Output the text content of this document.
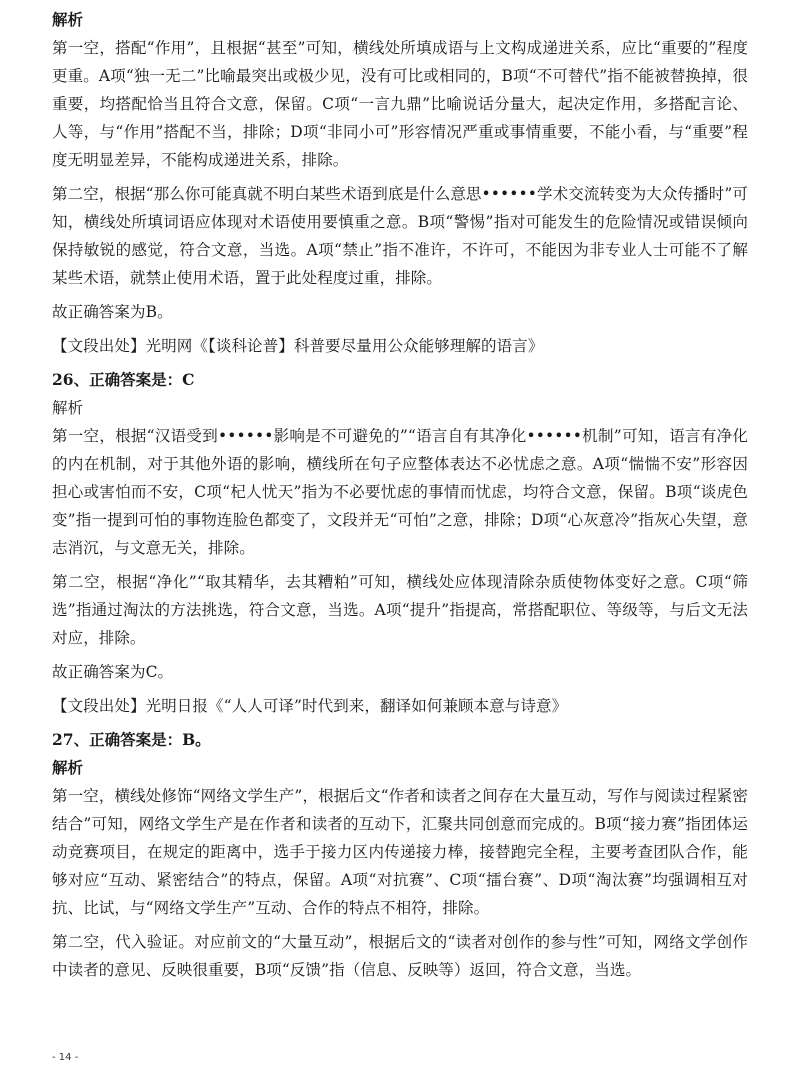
解析

第一空，搭配“作用”，且根据“甚至”可知，横线处所填成语与上文构成递进关系，应比“重要的”程度更重。A项“独一无二”比喻最突出或极少见，没有可比或相同的，B项“不可替代”指不能被替换掉，很重要，均搭配恰当且符合文意，保留。C项“一言九鼎”比喻说话分量大，起决定作用，多搭配言论、人等，与“作用”搭配不当，排除；D项“非同小可”形容情况严重或事情重要，不能小看，与“重要”程度无明显差异，不能构成递进关系，排除。

第二空，根据“那么你可能真就不明白某些术语到底是什么意思••••••学术交流转变为大众传播时”可知，横线处所填词语应体现对术语使用要慎重之意。B项“警惕”指对可能发生的危险情况或错误倾向保持敏锐的感觉，符合文意，当选。A项“禁止”指不准许，不许可，不能因为非专业人士可能不了解某些术语，就禁止使用术语，置于此处程度过重，排除。

故正确答案为B。

【文段出处】光明网《【谈科论普】科普要尽量用公众能够理解的语言》

26、正确答案是：C
解析

第一空，根据“汉语受到••••••影响是不可避免的”“语言自有其净化••••••机制”可知，语言有净化的内在机制，对于其他外语的影响，横线所在句子应整体表达不必忧虑之意。A项“惴惴不安”形容因担心或害怕而不安，C项“杞人忧天”指为不必要忧虑的事情而忧虑，均符合文意，保留。B项“谈虎色变”指一提到可怕的事物连脸色都变了，文段并无“可怕”之意，排除；D项“心灰意冷”指灰心失望，意志消沉，与文意无关，排除。

第二空，根据“净化”“取其精华，去其糟粕”可知，横线处应体现清除杂质使物体变好之意。C项“筛选”指通过淘汰的方法挑选，符合文意，当选。A项“提升”指提高，常搭配职位、等级等，与后文无法对应，排除。

故正确答案为C。

【文段出处】光明日报《“人人可译”时代到来，翻译如何兼顾本意与诗意》

27、正确答案是：B。
解析

第一空，横线处修饰“网络文学生产”，根据后文“作者和读者之间存在大量互动，写作与阅读过程紧密结合”可知，网络文学生产是在作者和读者的互动下，汇聚共同创意而完成的。B项“接力赛”指团体运动竞赛项目，在规定的距离中，选手于接力区内传递接力棒，接替跑完全程，主要考查团队合作，能够对应“互动、紧密结合”的特点，保留。A项“对抗赛”、C项“擂台赛”、D项“淘汰赛”均强调相互对抗、比试，与“网络文学生产”互动、合作的特点不相符，排除。

第二空，代入验证。对应前文的“大量互动”，根据后文的“读者对创作的参与性”可知，网络文学创作中读者的意见、反映很重要，B项“反馈”指（信息、反映等）返回，符合文意，当选。

- 14 -
